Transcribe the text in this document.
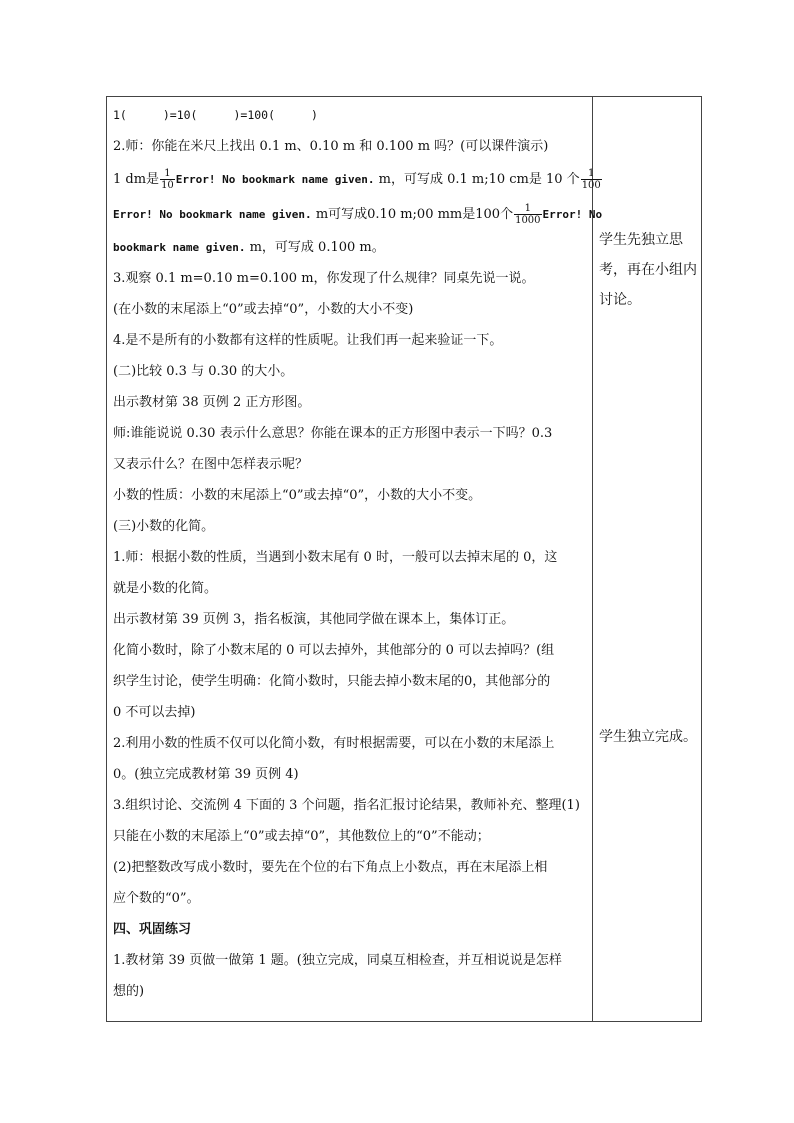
1(	)=10(	)=100(	)
2.师：你能在米尺上找出 0.1 m、0.10 m 和 0.100 m 吗？(可以课件演示)
1 dm是 $\frac{1}{10}$ Error! No bookmark name given. m，可写成 0.1 m;10 cm是 10 个 $\frac{1}{100}$
Error! No bookmark name given. m可写成0.10 m;00 mm是100个 $\frac{1}{1000}$ Error! No
bookmark name given. m，可写成 0.100 m。
3.观察 0.1 m=0.10 m=0.100 m，你发现了什么规律？同桌先说一说。
(在小数的末尾添上“0”或去掉“0”，小数的大小不变)
4.是不是所有的小数都有这样的性质呢。让我们再一起来验证一下。
(二)比较 0.3 与 0.30 的大小。
出示教材第 38 页例 2 正方形图。
师:谁能说说 0.30 表示什么意思？你能在课本的正方形图中表示一下吗？0.3
又表示什么？在图中怎样表示呢？
小数的性质：小数的末尾添上“0”或去掉“0”，小数的大小不变。
(三)小数的化简。
1.师：根据小数的性质，当遇到小数末尾有 0 时，一般可以去掉末尾的 0，这
就是小数的化简。
出示教材第 39 页例 3，指名板演，其他同学做在课本上，集体订正。
化简小数时，除了小数末尾的 0 可以去掉外，其他部分的 0 可以去掉吗？(组
织学生讨论，使学生明确：化简小数时，只能去掉小数末尾的0，其他部分的
0 不可以去掉)
2.利用小数的性质不仅可以化简小数，有时根据需要，可以在小数的末尾添上
0。(独立完成教材第 39 页例 4)
3.组织讨论、交流例 4 下面的 3 个问题，指名汇报讨论结果，教师补充、整理(1)
只能在小数的末尾添上“0”或去掉“0”，其他数位上的“0”不能动；
(2)把整数改写成小数时，要先在个位的右下角点上小数点，再在末尾添上相
应个数的“0”。
四、巩固练习
1.教材第 39 页做一做第 1 题。(独立完成，同桌互相检查，并互相说说是怎样
想的)
学生先独立思
考，再在小组内
讨论。
学生独立完成。
